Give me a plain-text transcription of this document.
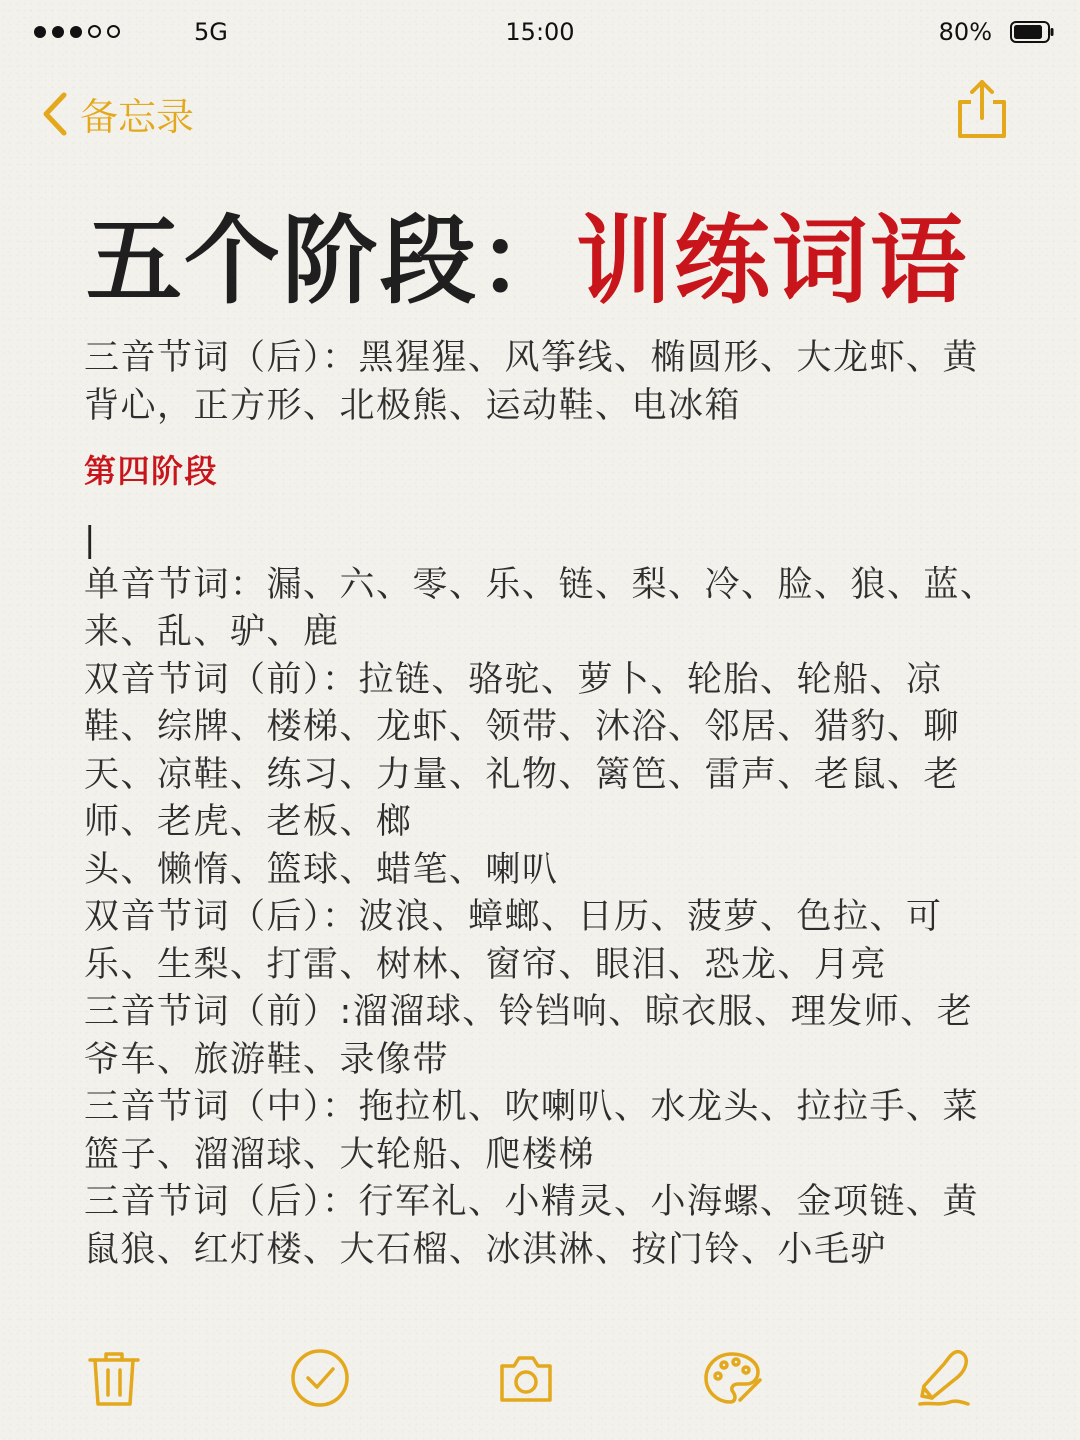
5G	15:00	80%
备忘录
五个阶段：训练词语

三音节词（后）：黑猩猩、风筝线、椭圆形、大龙虾、黄背心，正方形、北极熊、运动鞋、电冰箱

第四阶段

|

单音节词：漏、六、零、乐、链、梨、冷、脸、狼、蓝、来、乱、驴、鹿

双音节词（前）：拉链、骆驼、萝卜、轮胎、轮船、凉鞋、综牌、楼梯、龙虾、领带、沐浴、邻居、猎豹、聊天、凉鞋、练习、力量、礼物、篱笆、雷声、老鼠、老师、老虎、老板、榔

头、懒惰、篮球、蜡笔、喇叭

双音节词（后）：波浪、蟑螂、日历、菠萝、色拉、可乐、生梨、打雷、树林、窗帘、眼泪、恐龙、月亮

三音节词（前）:溜溜球、铃铛响、晾衣服、理发师、老爷车、旅游鞋、录像带

三音节词（中）：拖拉机、吹喇叭、水龙头、拉拉手、菜篮子、溜溜球、大轮船、爬楼梯

三音节词（后）：行军礼、小精灵、小海螺、金项链、黄鼠狼、红灯楼、大石榴、冰淇淋、按门铃、小毛驴
